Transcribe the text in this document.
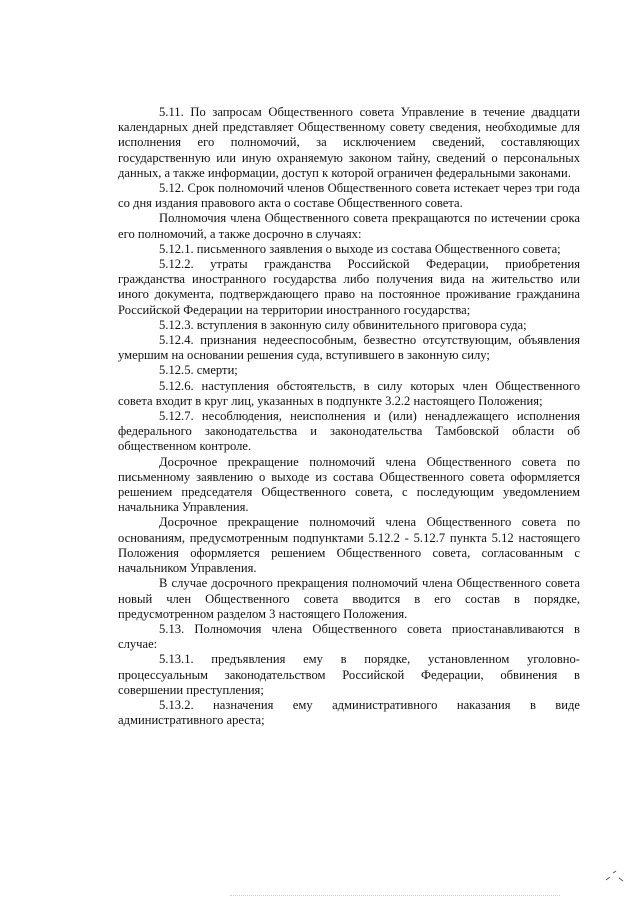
5.11. По запросам Общественного совета Управление в течение двадцати календарных дней представляет Общественному совету сведения, необходимые для исполнения его полномочий, за исключением сведений, составляющих государственную или иную охраняемую законом тайну, сведений о персональных данных, а также информации, доступ к которой ограничен федеральными законами.

5.12. Срок полномочий членов Общественного совета истекает через три года со дня издания правового акта о составе Общественного совета.

Полномочия члена Общественного совета прекращаются по истечении срока его полномочий, а также досрочно в случаях:

5.12.1. письменного заявления о выходе из состава Общественного совета;

5.12.2. утраты гражданства Российской Федерации, приобретения гражданства иностранного государства либо получения вида на жительство или иного документа, подтверждающего право на постоянное проживание гражданина Российской Федерации на территории иностранного государства;

5.12.3. вступления в законную силу обвинительного приговора суда;

5.12.4. признания недееспособным, безвестно отсутствующим, объявления умершим на основании решения суда, вступившего в законную силу;

5.12.5. смерти;

5.12.6. наступления обстоятельств, в силу которых член Общественного совета входит в круг лиц, указанных в подпункте 3.2.2 настоящего Положения;

5.12.7. несоблюдения, неисполнения и (или) ненадлежащего исполнения федерального законодательства и законодательства Тамбовской области об общественном контроле.

Досрочное прекращение полномочий члена Общественного совета по письменному заявлению о выходе из состава Общественного совета оформляется решением председателя Общественного совета, с последующим уведомлением начальника Управления.

Досрочное прекращение полномочий члена Общественного совета по основаниям, предусмотренным подпунктами 5.12.2 - 5.12.7 пункта 5.12 настоящего Положения оформляется решением Общественного совета, согласованным с начальником Управления.

В случае досрочного прекращения полномочий члена Общественного совета новый член Общественного совета вводится в его состав в порядке, предусмотренном разделом 3 настоящего Положения.

5.13. Полномочия члена Общественного совета приостанавливаются в случае:

5.13.1. предъявления ему в порядке, установленном уголовно-процессуальным законодательством Российской Федерации, обвинения в совершении преступления;

5.13.2. назначения ему административного наказания в виде административного ареста;
